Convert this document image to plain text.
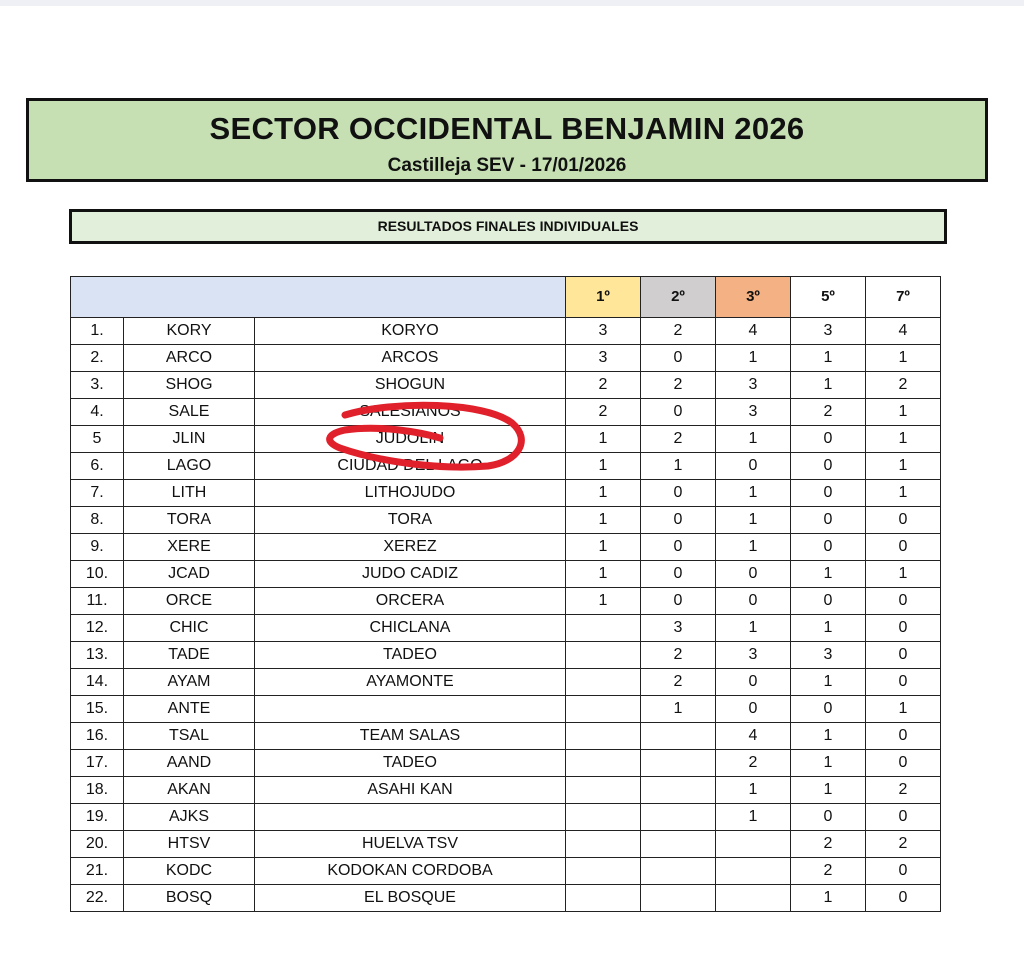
SECTOR OCCIDENTAL BENJAMIN 2026
Castilleja SEV - 17/01/2026
RESULTADOS FINALES INDIVIDUALES
			1º	2º	3º	5º	7º
1.	KORY	KORYO	3	2	4	3	4
2.	ARCO	ARCOS	3	0	1	1	1
3.	SHOG	SHOGUN	2	2	3	1	2
4.	SALE	SALESIANOS	2	0	3	2	1
5	JLIN	JUDOLIN	1	2	1	0	1
6.	LAGO	CIUDAD DEL LAGO	1	1	0	0	1
7.	LITH	LITHOJUDO	1	0	1	0	1
8.	TORA	TORA	1	0	1	0	0
9.	XERE	XEREZ	1	0	1	0	0
10.	JCAD	JUDO CADIZ	1	0	0	1	1
11.	ORCE	ORCERA	1	0	0	0	0
12.	CHIC	CHICLANA		3	1	1	0
13.	TADE	TADEO		2	3	3	0
14.	AYAM	AYAMONTE		2	0	1	0
15.	ANTE			1	0	0	1
16.	TSAL	TEAM SALAS			4	1	0
17.	AAND	TADEO			2	1	0
18.	AKAN	ASAHI KAN			1	1	2
19.	AJKS				1	0	0
20.	HTSV	HUELVA TSV				2	2
21.	KODC	KODOKAN CORDOBA				2	0
22.	BOSQ	EL BOSQUE				1	0
